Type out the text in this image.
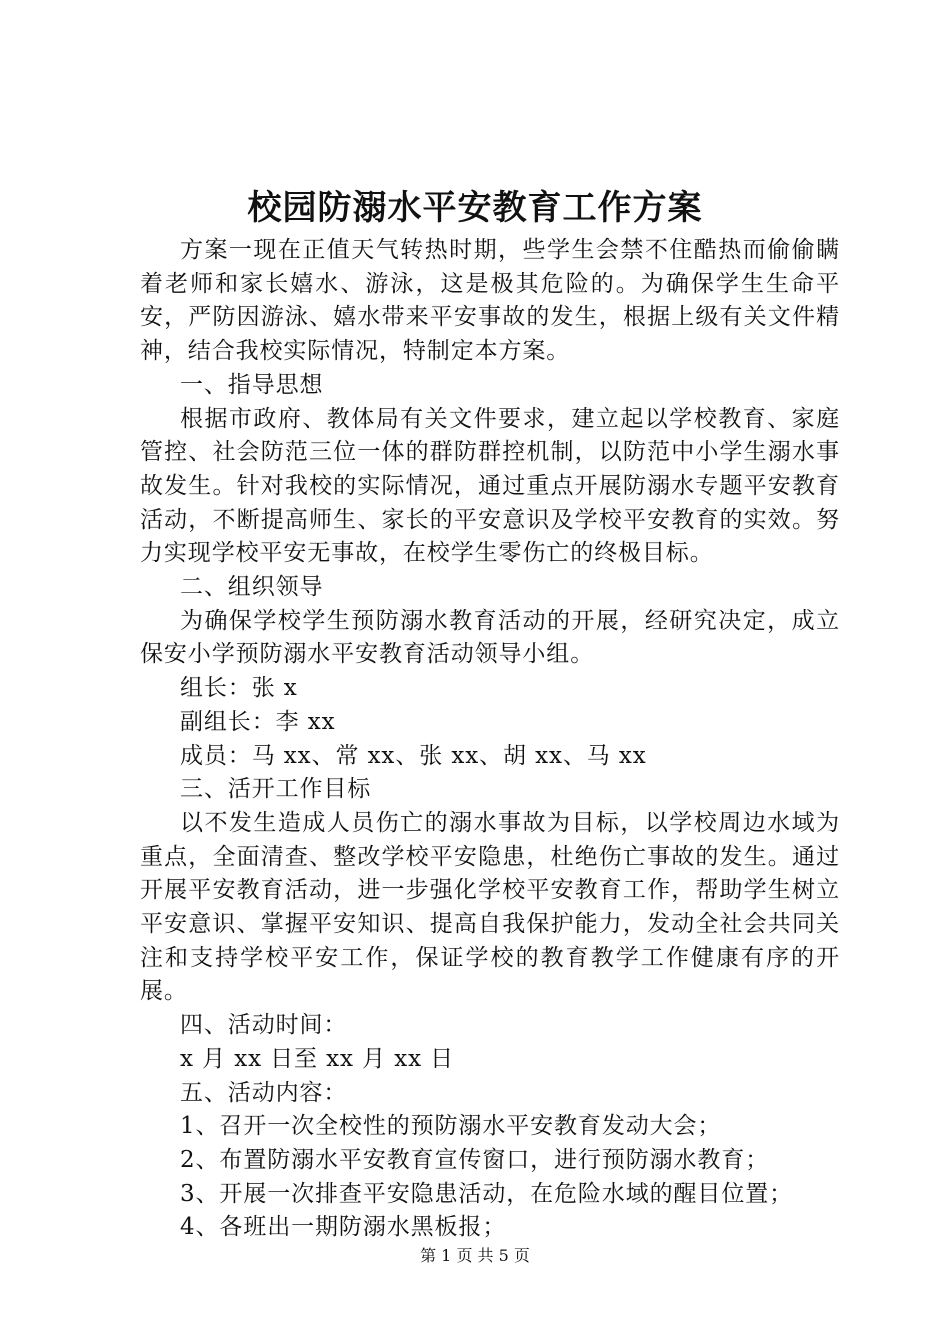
校园防溺水平安教育工作方案

方案一现在正值天气转热时期，些学生会禁不住酷热而偷偷瞒着老师和家长嬉水、游泳，这是极其危险的。为确保学生生命平安，严防因游泳、嬉水带来平安事故的发生，根据上级有关文件精神，结合我校实际情况，特制定本方案。

一、指导思想

根据市政府、教体局有关文件要求，建立起以学校教育、家庭管控、社会防范三位一体的群防群控机制，以防范中小学生溺水事故发生。针对我校的实际情况，通过重点开展防溺水专题平安教育活动，不断提高师生、家长的平安意识及学校平安教育的实效。努力实现学校平安无事故，在校学生零伤亡的终极目标。

二、组织领导

为确保学校学生预防溺水教育活动的开展，经研究决定，成立保安小学预防溺水平安教育活动领导小组。

组长：张 x

副组长：李 xx

成员：马 xx、常 xx、张 xx、胡 xx、马 xx

三、活开工作目标

以不发生造成人员伤亡的溺水事故为目标，以学校周边水域为重点，全面清查、整改学校平安隐患，杜绝伤亡事故的发生。通过开展平安教育活动，进一步强化学校平安教育工作，帮助学生树立平安意识、掌握平安知识、提高自我保护能力，发动全社会共同关注和支持学校平安工作，保证学校的教育教学工作健康有序的开展。

四、活动时间：

x 月 xx 日至 xx 月 xx 日

五、活动内容：

1、召开一次全校性的预防溺水平安教育发动大会；

2、布置防溺水平安教育宣传窗口，进行预防溺水教育；

3、开展一次排查平安隐患活动，在危险水域的醒目位置；

4、各班出一期防溺水黑板报；

第 1 页 共 5 页
